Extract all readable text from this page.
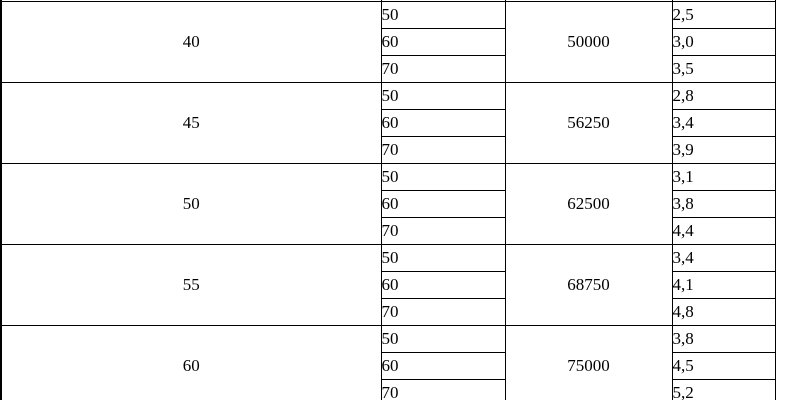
40	50	50000	2,5
	60		3,0
	70		3,5
45	50	56250	2,8
	60		3,4
	70		3,9
50	50	62500	3,1
	60		3,8
	70		4,4
55	50	68750	3,4
	60		4,1
	70		4,8
60	50	75000	3,8
	60		4,5
	70		5,2
